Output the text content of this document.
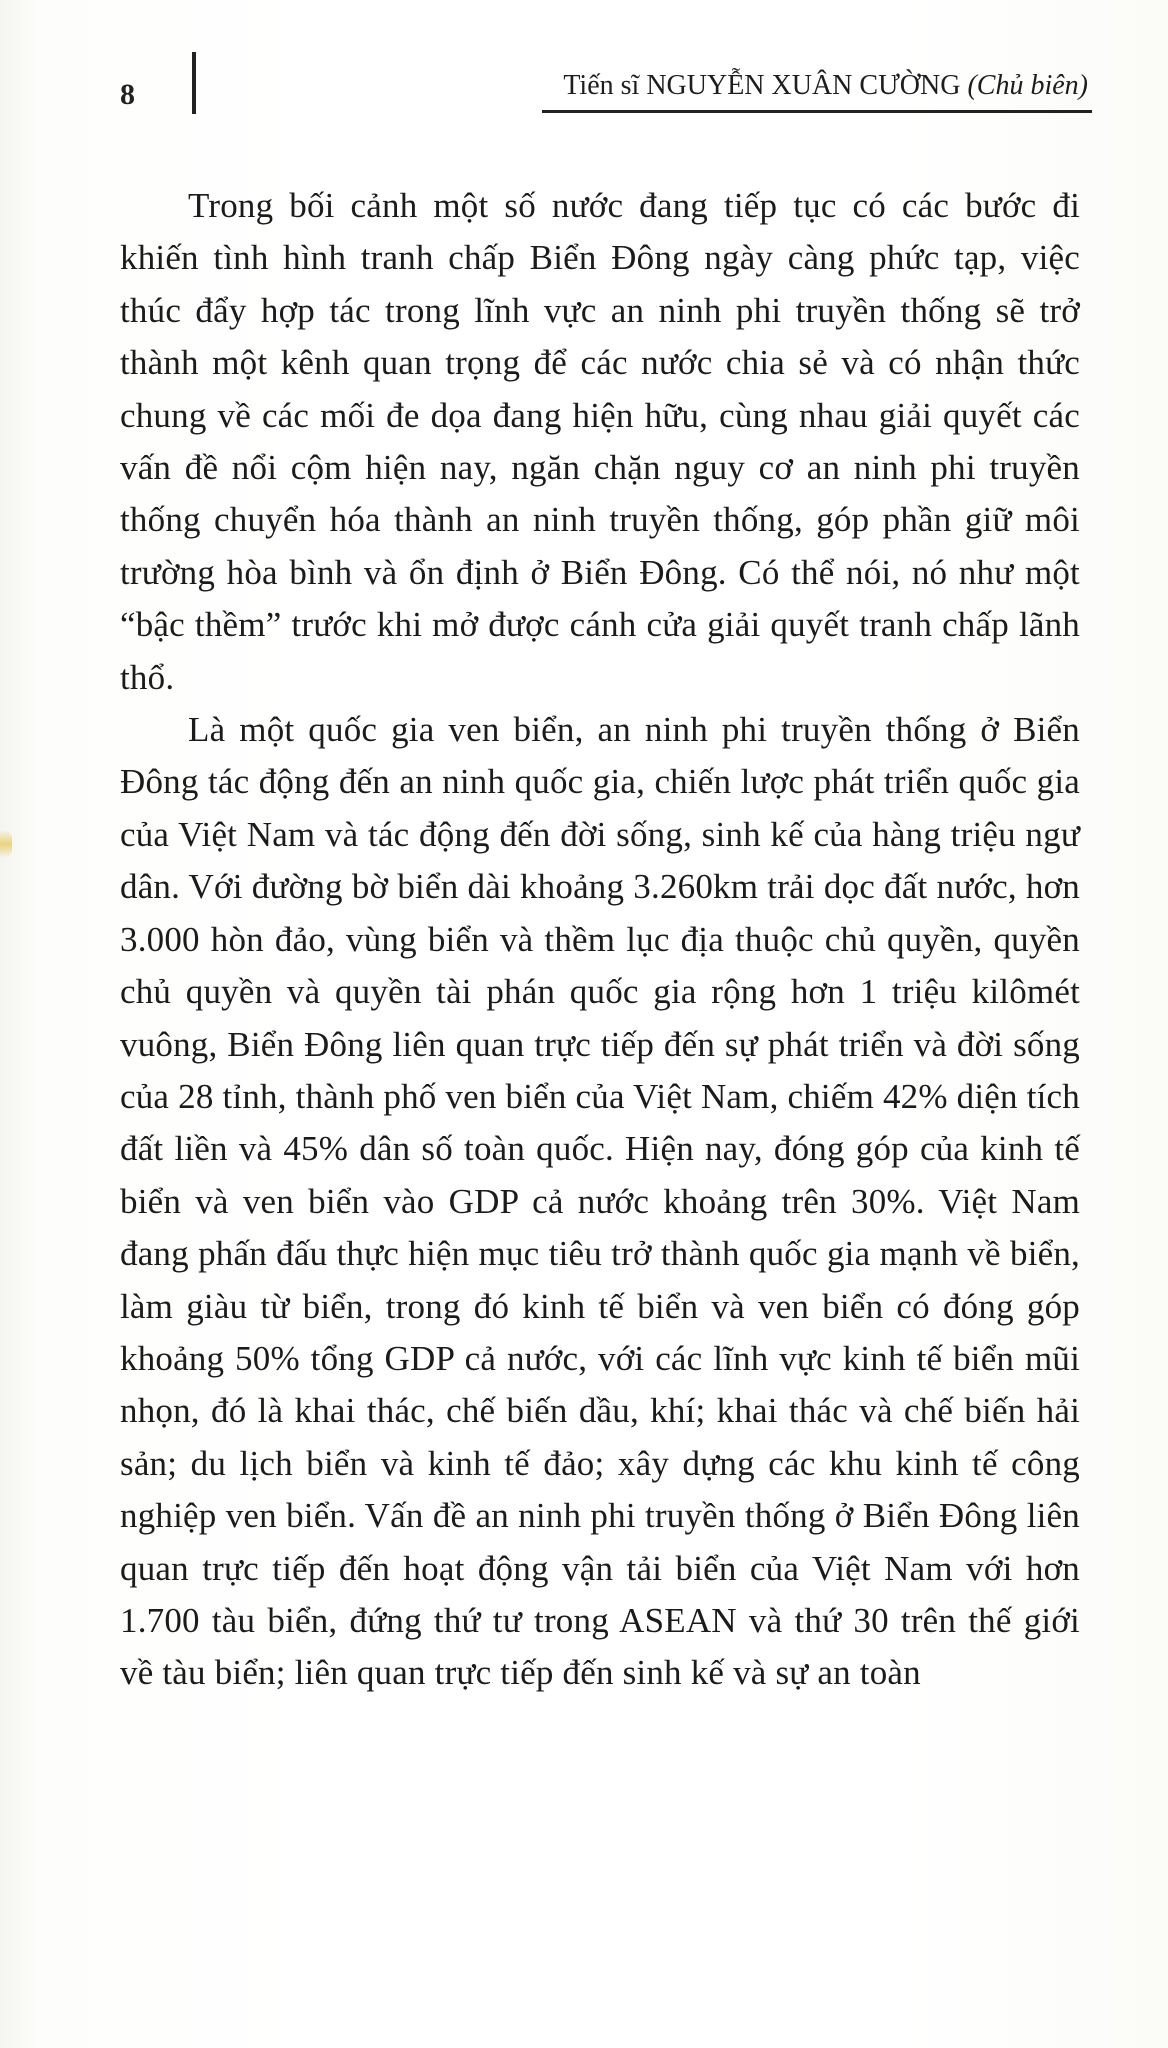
8	Tiến sĩ NGUYỄN XUÂN CƯỜNG (Chủ biên)

Trong bối cảnh một số nước đang tiếp tục có các bước đi khiến tình hình tranh chấp Biển Đông ngày càng phức tạp, việc thúc đẩy hợp tác trong lĩnh vực an ninh phi truyền thống sẽ trở thành một kênh quan trọng để các nước chia sẻ và có nhận thức chung về các mối đe dọa đang hiện hữu, cùng nhau giải quyết các vấn đề nổi cộm hiện nay, ngăn chặn nguy cơ an ninh phi truyền thống chuyển hóa thành an ninh truyền thống, góp phần giữ môi trường hòa bình và ổn định ở Biển Đông. Có thể nói, nó như một “bậc thềm” trước khi mở được cánh cửa giải quyết tranh chấp lãnh thổ.

Là một quốc gia ven biển, an ninh phi truyền thống ở Biển Đông tác động đến an ninh quốc gia, chiến lược phát triển quốc gia của Việt Nam và tác động đến đời sống, sinh kế của hàng triệu ngư dân. Với đường bờ biển dài khoảng 3.260km trải dọc đất nước, hơn 3.000 hòn đảo, vùng biển và thềm lục địa thuộc chủ quyền, quyền chủ quyền và quyền tài phán quốc gia rộng hơn 1 triệu kilômét vuông, Biển Đông liên quan trực tiếp đến sự phát triển và đời sống của 28 tỉnh, thành phố ven biển của Việt Nam, chiếm 42% diện tích đất liền và 45% dân số toàn quốc. Hiện nay, đóng góp của kinh tế biển và ven biển vào GDP cả nước khoảng trên 30%. Việt Nam đang phấn đấu thực hiện mục tiêu trở thành quốc gia mạnh về biển, làm giàu từ biển, trong đó kinh tế biển và ven biển có đóng góp khoảng 50% tổng GDP cả nước, với các lĩnh vực kinh tế biển mũi nhọn, đó là khai thác, chế biến dầu, khí; khai thác và chế biến hải sản; du lịch biển và kinh tế đảo; xây dựng các khu kinh tế công nghiệp ven biển. Vấn đề an ninh phi truyền thống ở Biển Đông liên quan trực tiếp đến hoạt động vận tải biển của Việt Nam với hơn 1.700 tàu biển, đứng thứ tư trong ASEAN và thứ 30 trên thế giới về tàu biển; liên quan trực tiếp đến sinh kế và sự an toàn
